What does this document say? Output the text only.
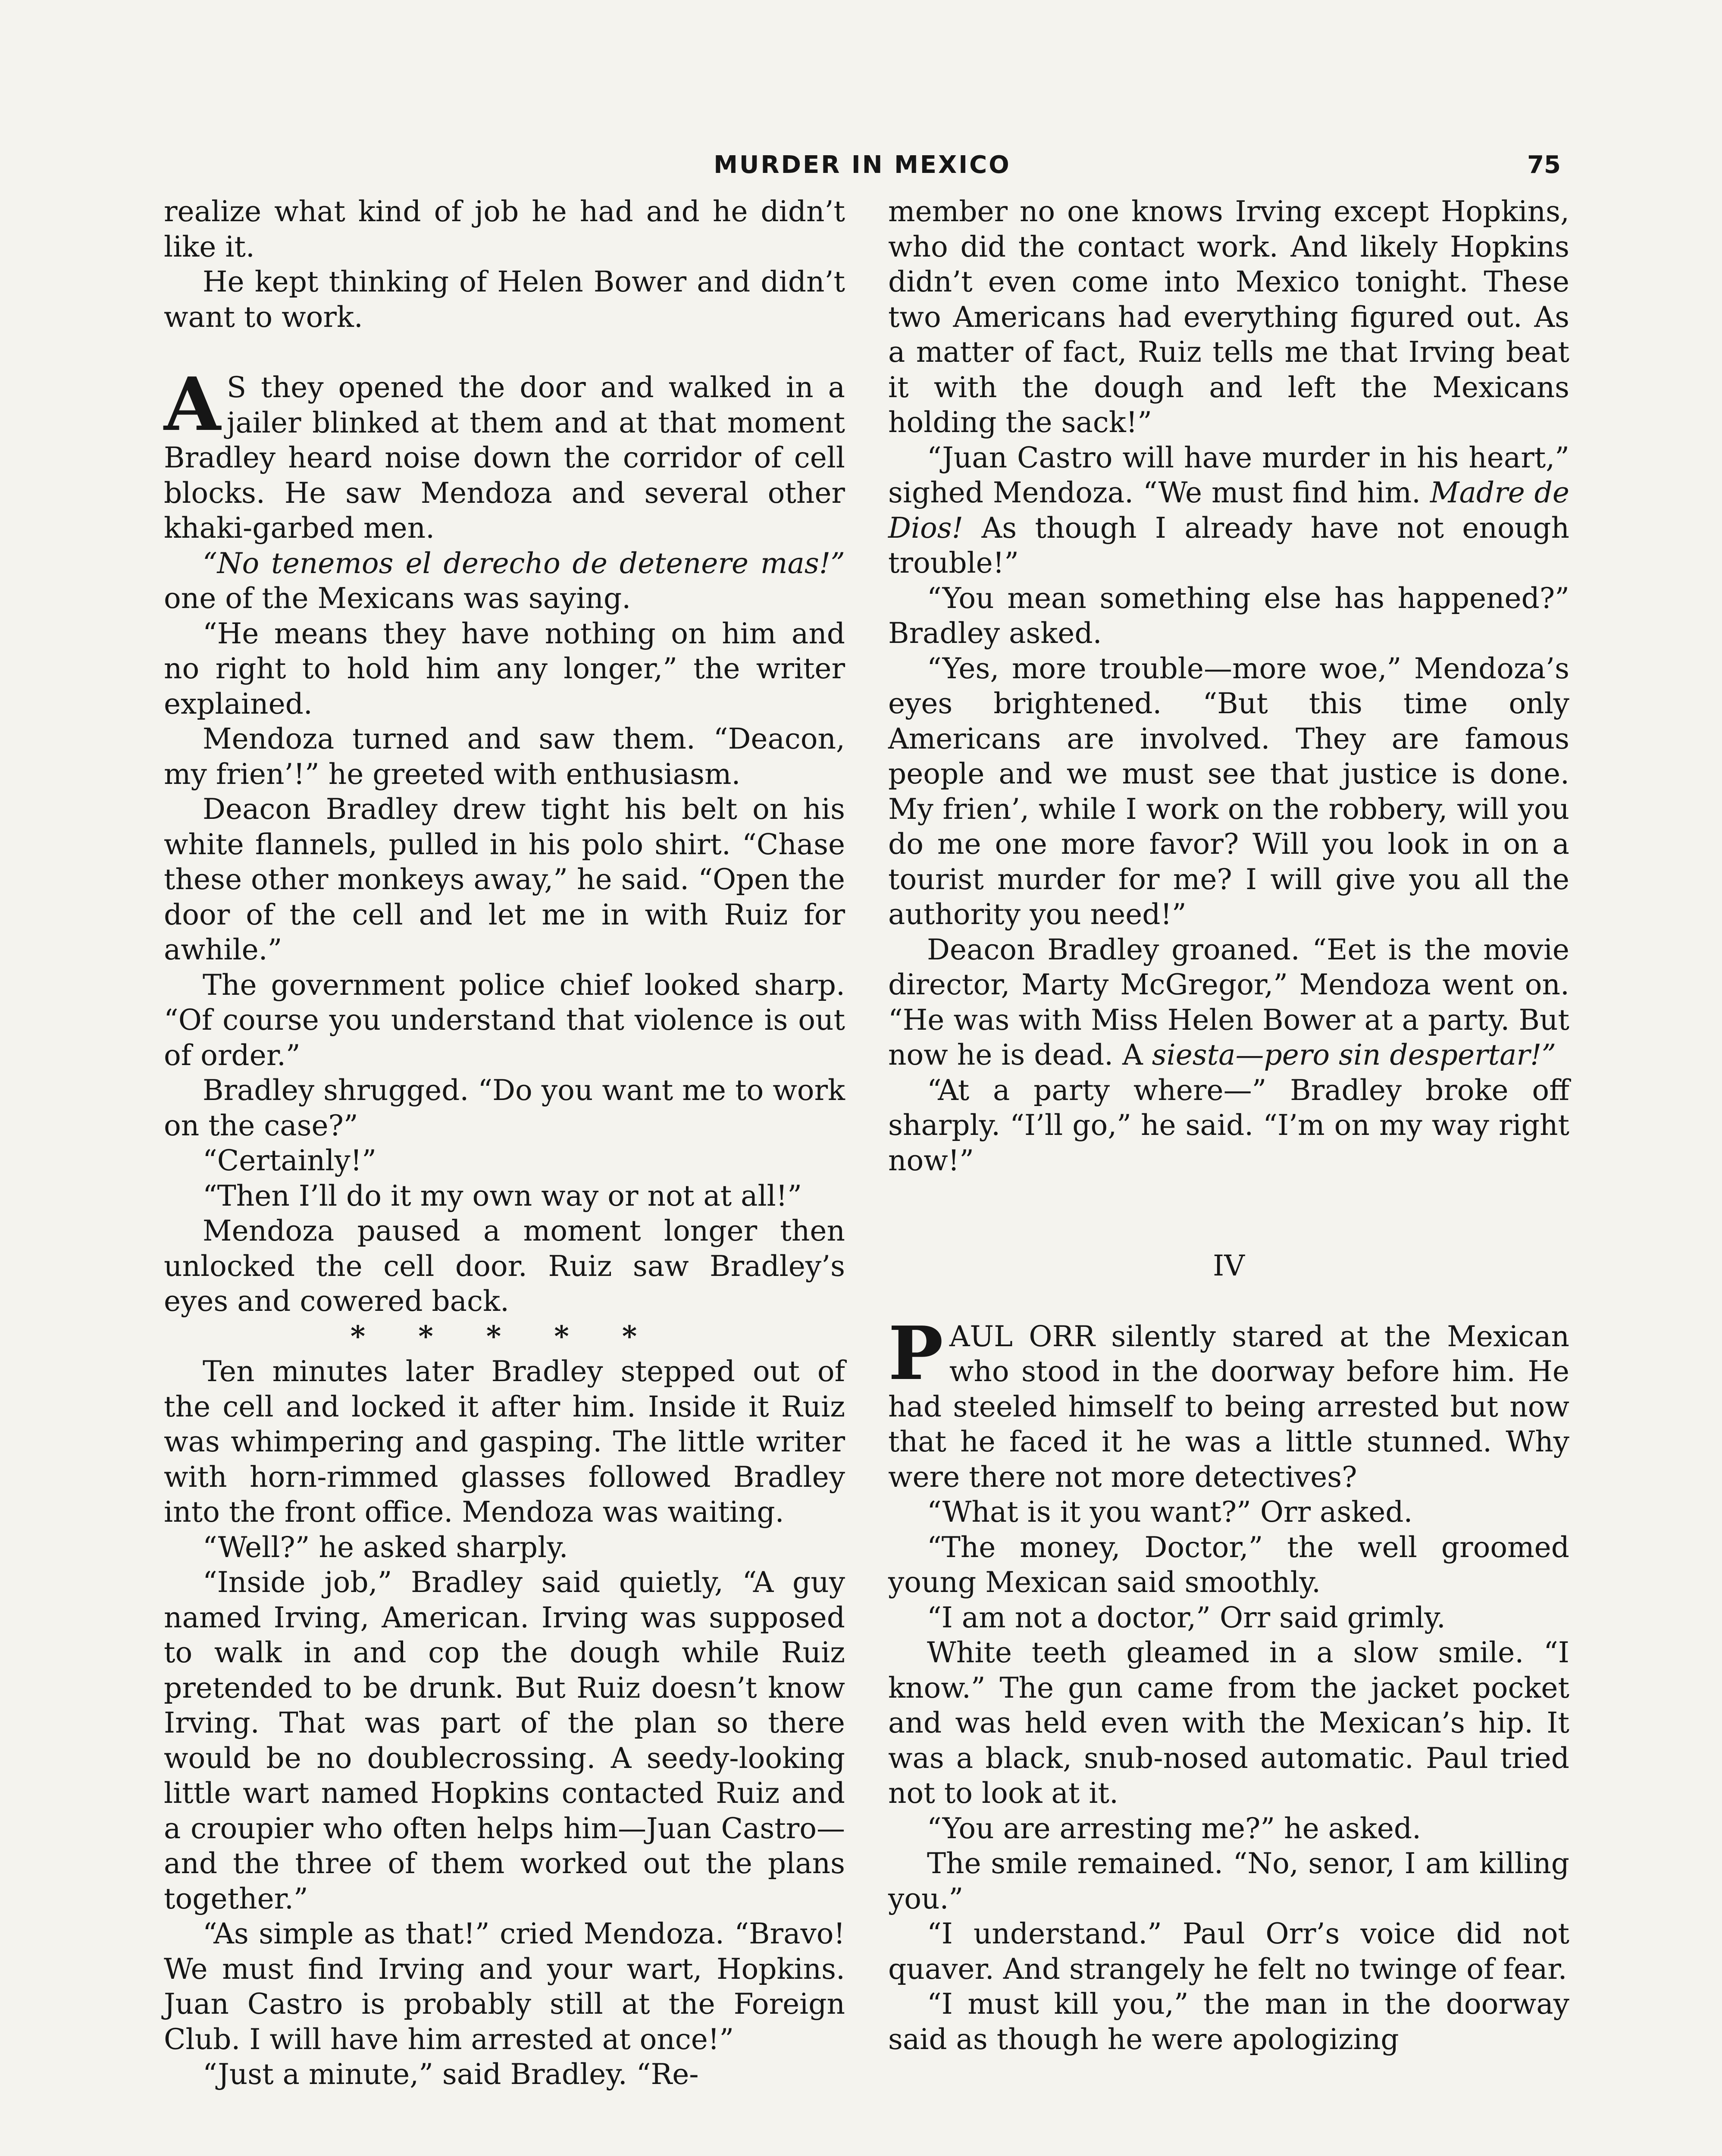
MURDER IN MEXICO	75

realize what kind of job he had and he didn’t like it.

He kept thinking of Helen Bower and didn’t want to work.

A S they opened the door and walked in a jailer blinked at them and at that moment Bradley heard noise down the corridor of cell blocks. He saw Mendoza and several other khaki-garbed men.

“No tenemos el derecho de detenere mas!” one of the Mexicans was saying.

“He means they have nothing on him and no right to hold him any longer,” the writer explained.

Mendoza turned and saw them. “Deacon, my frien’!” he greeted with enthusiasm.

Deacon Bradley drew tight his belt on his white flannels, pulled in his polo shirt. “Chase these other monkeys away,” he said. “Open the door of the cell and let me in with Ruiz for awhile.”

The government police chief looked sharp. “Of course you understand that violence is out of order.”

Bradley shrugged. “Do you want me to work on the case?”

“Certainly!”

“Then I’ll do it my own way or not at all!”

Mendoza paused a moment longer then unlocked the cell door. Ruiz saw Bradley’s eyes and cowered back.

* * * * *

Ten minutes later Bradley stepped out of the cell and locked it after him. Inside it Ruiz was whimpering and gasping. The little writer with horn-rimmed glasses followed Bradley into the front office. Mendoza was waiting.

“Well?” he asked sharply.

“Inside job,” Bradley said quietly, “A guy named Irving, American. Irving was supposed to walk in and cop the dough while Ruiz pretended to be drunk. But Ruiz doesn’t know Irving. That was part of the plan so there would be no doublecrossing. A seedy-looking little wart named Hopkins contacted Ruiz and a croupier who often helps him—Juan Castro—and the three of them worked out the plans together.”

“As simple as that!” cried Mendoza. “Bravo! We must find Irving and your wart, Hopkins. Juan Castro is probably still at the Foreign Club. I will have him arrested at once!”

“Just a minute,” said Bradley. “Re-

member no one knows Irving except Hopkins, who did the contact work. And likely Hopkins didn’t even come into Mexico tonight. These two Americans had everything figured out. As a matter of fact, Ruiz tells me that Irving beat it with the dough and left the Mexicans holding the sack!”

“Juan Castro will have murder in his heart,” sighed Mendoza. “We must find him. Madre de Dios! As though I already have not enough trouble!”

“You mean something else has happened?” Bradley asked.

“Yes, more trouble—more woe,” Mendoza’s eyes brightened. “But this time only Americans are involved. They are famous people and we must see that justice is done. My frien’, while I work on the robbery, will you do me one more favor? Will you look in on a tourist murder for me? I will give you all the authority you need!”

Deacon Bradley groaned. “Eet is the movie director, Marty McGregor,” Mendoza went on. “He was with Miss Helen Bower at a party. But now he is dead. A siesta—pero sin despertar!”

“At a party where—” Bradley broke off sharply. “I’ll go,” he said. “I’m on my way right now!”

IV

PAUL ORR silently stared at the Mexican who stood in the doorway before him. He had steeled himself to being arrested but now that he faced it he was a little stunned. Why were there not more detectives?

“What is it you want?” Orr asked.

“The money, Doctor,” the well groomed young Mexican said smoothly.

“I am not a doctor,” Orr said grimly.

White teeth gleamed in a slow smile. “I know.” The gun came from the jacket pocket and was held even with the Mexican’s hip. It was a black, snub-nosed automatic. Paul tried not to look at it.

“You are arresting me?” he asked.

The smile remained. “No, senor, I am killing you.”

“I understand.” Paul Orr’s voice did not quaver. And strangely he felt no twinge of fear.

“I must kill you,” the man in the doorway said as though he were apologizing
